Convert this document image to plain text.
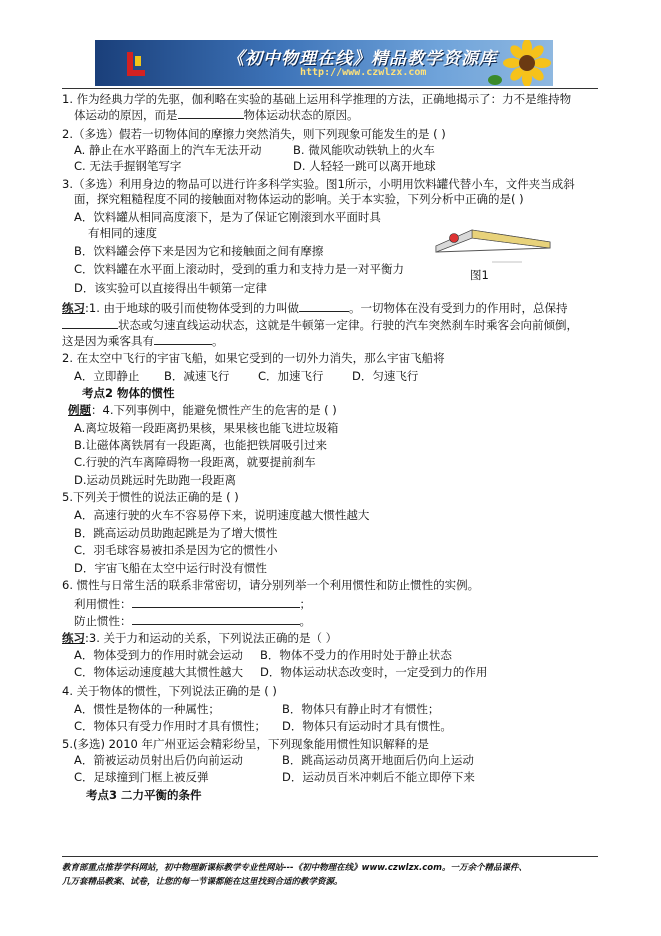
《初中物理在线》精品教学资源库
http://www.czwlzx.com
1. 作为经典力学的先驱，伽利略在实验的基础上运用科学推理的方法，正确地揭示了：力不是维持物
体运动的原因，而是	物体运动状态的原因。
2.（多选）假若一切物体间的摩擦力突然消失，则下列现象可能发生的是 ( )
A. 静止在水平路面上的汽车无法开动	B. 微风能吹动铁轨上的火车
C. 无法手握钢笔写字	D. 人轻轻一跳可以离开地球
3.（多选）利用身边的物品可以进行许多科学实验。图1所示，小明用饮料罐代替小车，文件夹当成斜
面，探究粗糙程度不同的接触面对物体运动的影响。关于本实验，下列分析中正确的是( )
A．饮料罐从相同高度滚下，是为了保证它刚滚到水平面时具
有相同的速度
B．饮料罐会停下来是因为它和接触面之间有摩擦
C．饮料罐在水平面上滚动时，受到的重力和支持力是一对平衡力
D．该实验可以直接得出牛顿第一定律
图1
练习:1. 由于地球的吸引而使物体受到的力叫做	。一切物体在没有受到力的作用时，总保持
状态或匀速直线运动状态，这就是牛顿第一定律。行驶的汽车突然刹车时乘客会向前倾倒，
这是因为乘客具有	。
2. 在太空中飞行的宇宙飞船，如果它受到的一切外力消失，那么宇宙飞船将
A．立即静止 B．减速飞行 C．加速飞行 D．匀速飞行
考点2 物体的惯性
例题：4.下列事例中，能避免惯性产生的危害的是 ( )
A.离垃圾箱一段距离扔果核，果果核也能飞进垃圾箱
B.让磁体离铁屑有一段距离，也能把铁屑吸引过来
C.行驶的汽车离障碍物一段距离，就要提前刹车
D.运动员跳远时先助跑一段距离
5.下列关于惯性的说法正确的是 ( )
A．高速行驶的火车不容易停下来，说明速度越大惯性越大
B．跳高运动员助跑起跳是为了增大惯性
C．羽毛球容易被扣杀是因为它的惯性小
D．宇宙飞船在太空中运行时没有惯性
6. 惯性与日常生活的联系非常密切，请分别列举一个利用惯性和防止惯性的实例。
利用惯性：	；
防止惯性：	。
练习:3. 关于力和运动的关系，下列说法正确的是（ ）
A．物体受到力的作用时就会运动 B．物体不受力的作用时处于静止状态
C．物体运动速度越大其惯性越大 D．物体运动状态改变时，一定受到力的作用
4. 关于物体的惯性，下列说法正确的是 ( )
A．惯性是物体的一种属性；	B．物体只有静止时才有惯性；
C．物体只有受力作用时才具有惯性； D．物体只有运动时才具有惯性。
5.(多选) 2010 年广州亚运会精彩纷呈，下列现象能用惯性知识解释的是
A．箭被运动员射出后仍向前运动	B．跳高运动员离开地面后仍向上运动
C．足球撞到门框上被反弹	D．运动员百米冲刺后不能立即停下来
考点3 二力平衡的条件
教育部重点推荐学科网站，初中物理新课标教学专业性网站---《初中物理在线》www.czwlzx.com。一万余个精品课件、
几万套精品教案、试卷，让您的每一节课都能在这里找到合适的教学资源。
